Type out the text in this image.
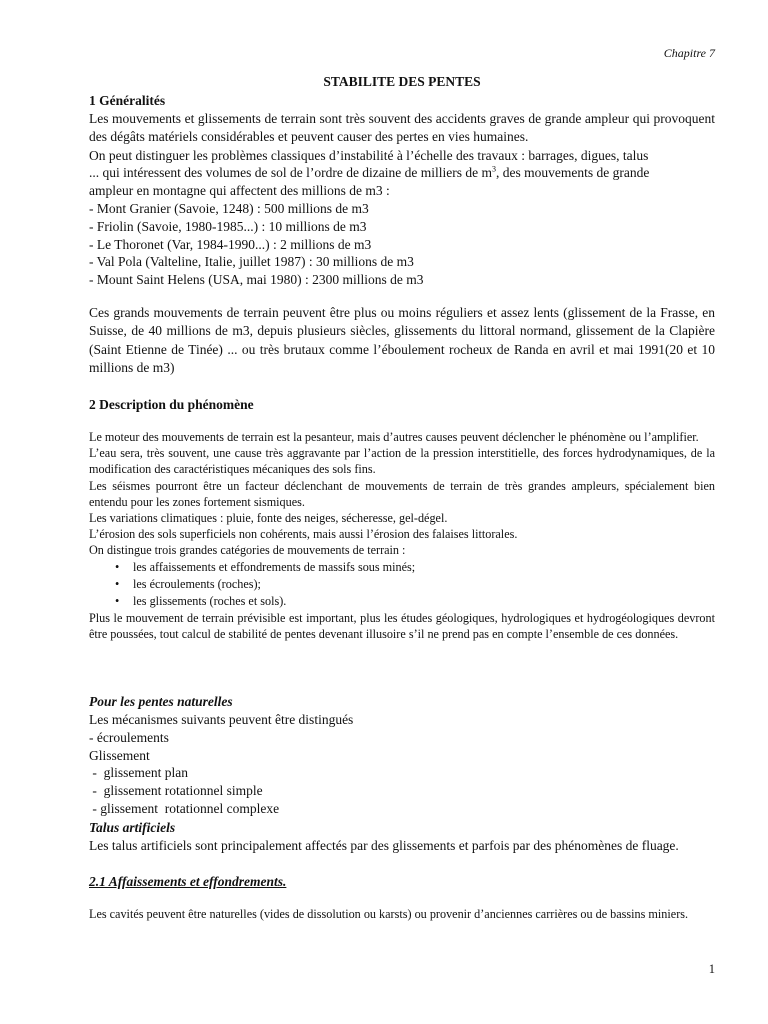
Chapitre 7
STABILITE DES PENTES
1 Généralités
Les mouvements et glissements de terrain sont très souvent des accidents graves de grande ampleur qui provoquent des dégâts matériels considérables et peuvent causer des pertes en vies humaines.
On peut distinguer les problèmes classiques d’instabilité à l’échelle des travaux : barrages, digues, talus
... qui intéressent des volumes de sol de l’ordre de dizaine de milliers de $m^3$, des mouvements de grande
ampleur en montagne qui affectent des millions de m3 :
- Mont Granier (Savoie, 1248) : 500 millions de m3
- Friolin (Savoie, 1980-1985...) : 10 millions de m3
- Le Thoronet (Var, 1984-1990...) : 2 millions de m3
- Val Pola (Valteline, Italie, juillet 1987) : 30 millions de m3
- Mount Saint Helens (USA, mai 1980) : 2300 millions de m3
Ces grands mouvements de terrain peuvent être plus ou moins réguliers et assez lents (glissement de la Frasse, en Suisse, de 40 millions de m3, depuis plusieurs siècles, glissements du littoral normand, glissement de la Clapière (Saint Etienne de Tinée) ... ou très brutaux comme l’éboulement rocheux de Randa en avril et mai 1991(20 et 10 millions de m3)
2 Description du phénomène
Le moteur des mouvements de terrain est la pesanteur, mais d’autres causes peuvent déclencher le phénomène ou l’amplifier.
L’eau sera, très souvent, une cause très aggravante par l’action de la pression interstitielle, des forces hydrodynamiques, de la modification des caractéristiques mécaniques des sols fins.
Les séismes pourront être un facteur déclenchant de mouvements de terrain de très grandes ampleurs, spécialement bien entendu pour les zones fortement sismiques.
Les variations climatiques : pluie, fonte des neiges, sécheresse, gel-dégel.
L’érosion des sols superficiels non cohérents, mais aussi l’érosion des falaises littorales.
On distingue trois grandes catégories de mouvements de terrain :
• les affaissements et effondrements de massifs sous minés;
• les écroulements (roches);
• les glissements (roches et sols).
Plus le mouvement de terrain prévisible est important, plus les études géologiques, hydrologiques et hydrogéologiques devront être poussées, tout calcul de stabilité de pentes devenant illusoire s’il ne prend pas en compte l’ensemble de ces données.
Pour les pentes naturelles
Les mécanismes suivants peuvent être distingués
- écroulements
Glissement
-  glissement plan
-  glissement rotationnel simple
- glissement  rotationnel complexe
Talus artificiels
Les talus artificiels sont principalement affectés par des glissements et parfois par des phénomènes de fluage.
2.1 Affaissements et effondrements.
Les cavités peuvent être naturelles (vides de dissolution ou karsts) ou provenir d’anciennes carrières ou de bassins miniers.
1
